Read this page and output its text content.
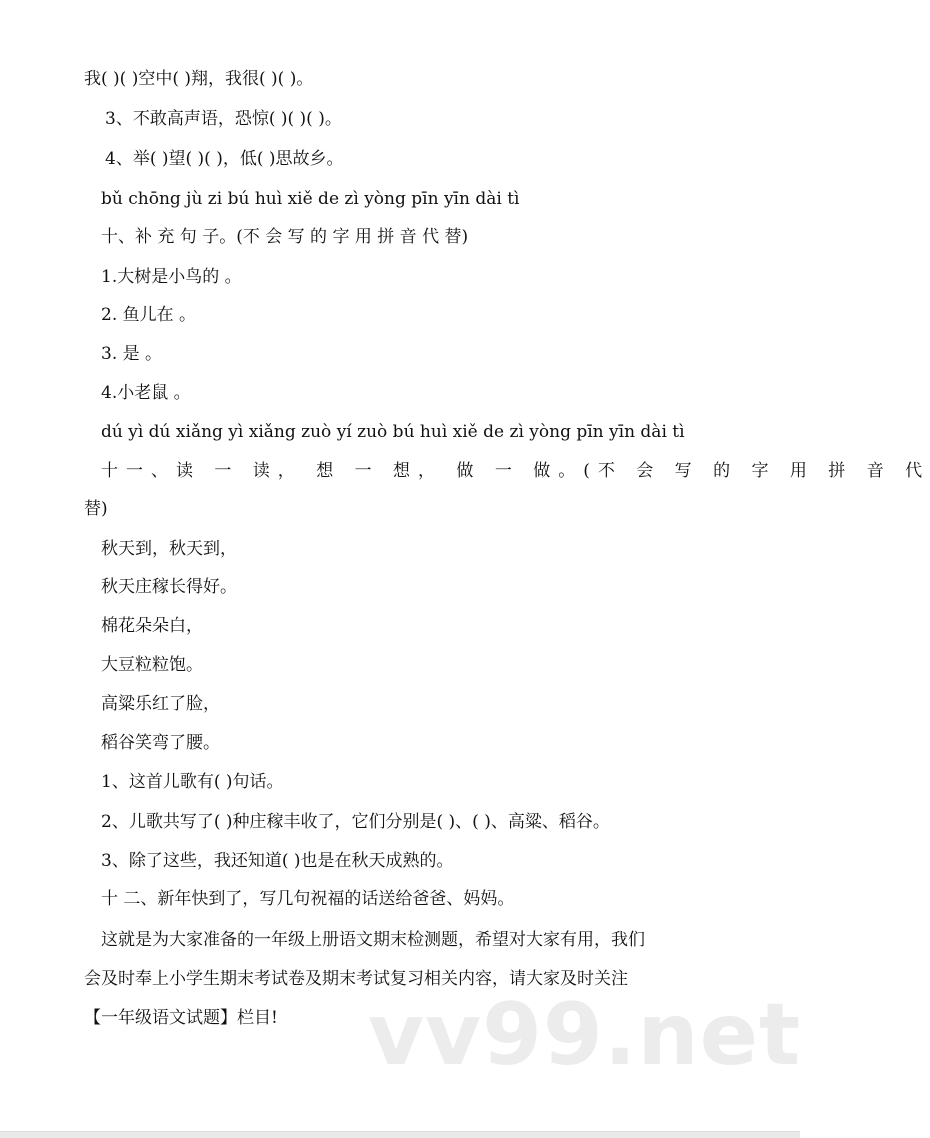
我( )( )空中( )翔，我很( )( )。

3、不敢高声语，恐惊( )( )( )。

4、举( )望( )( )，低( )思故乡。

bǔ chōng jù zi bú huì xiě de zì yòng pīn yīn dài tì

十、补 充 句 子。(不 会 写 的 字 用 拼 音 代 替)

1.大树是小鸟的 。

2. 鱼儿在 。

3. 是 。

4.小老鼠 。

dú yì dú xiǎng yì xiǎng zuò yí zuò bú huì xiě de zì yòng pīn yīn dài tì

十一、读 一 读， 想 一 想， 做 一 做。(不 会 写 的 字 用 拼 音 代

替)

秋天到，秋天到，

秋天庄稼长得好。

棉花朵朵白，

大豆粒粒饱。

高粱乐红了脸，

稻谷笑弯了腰。

1、这首儿歌有( )句话。

2、儿歌共写了( )种庄稼丰收了，它们分别是( )、( )、高粱、稻谷。

3、除了这些，我还知道( )也是在秋天成熟的。

十 二、新年快到了，写几句祝福的话送给爸爸、妈妈。

这就是为大家准备的一年级上册语文期末检测题，希望对大家有用，我们

会及时奉上小学生期末考试卷及期末考试复习相关内容，请大家及时关注

【一年级语文试题】栏目! vv99.net
